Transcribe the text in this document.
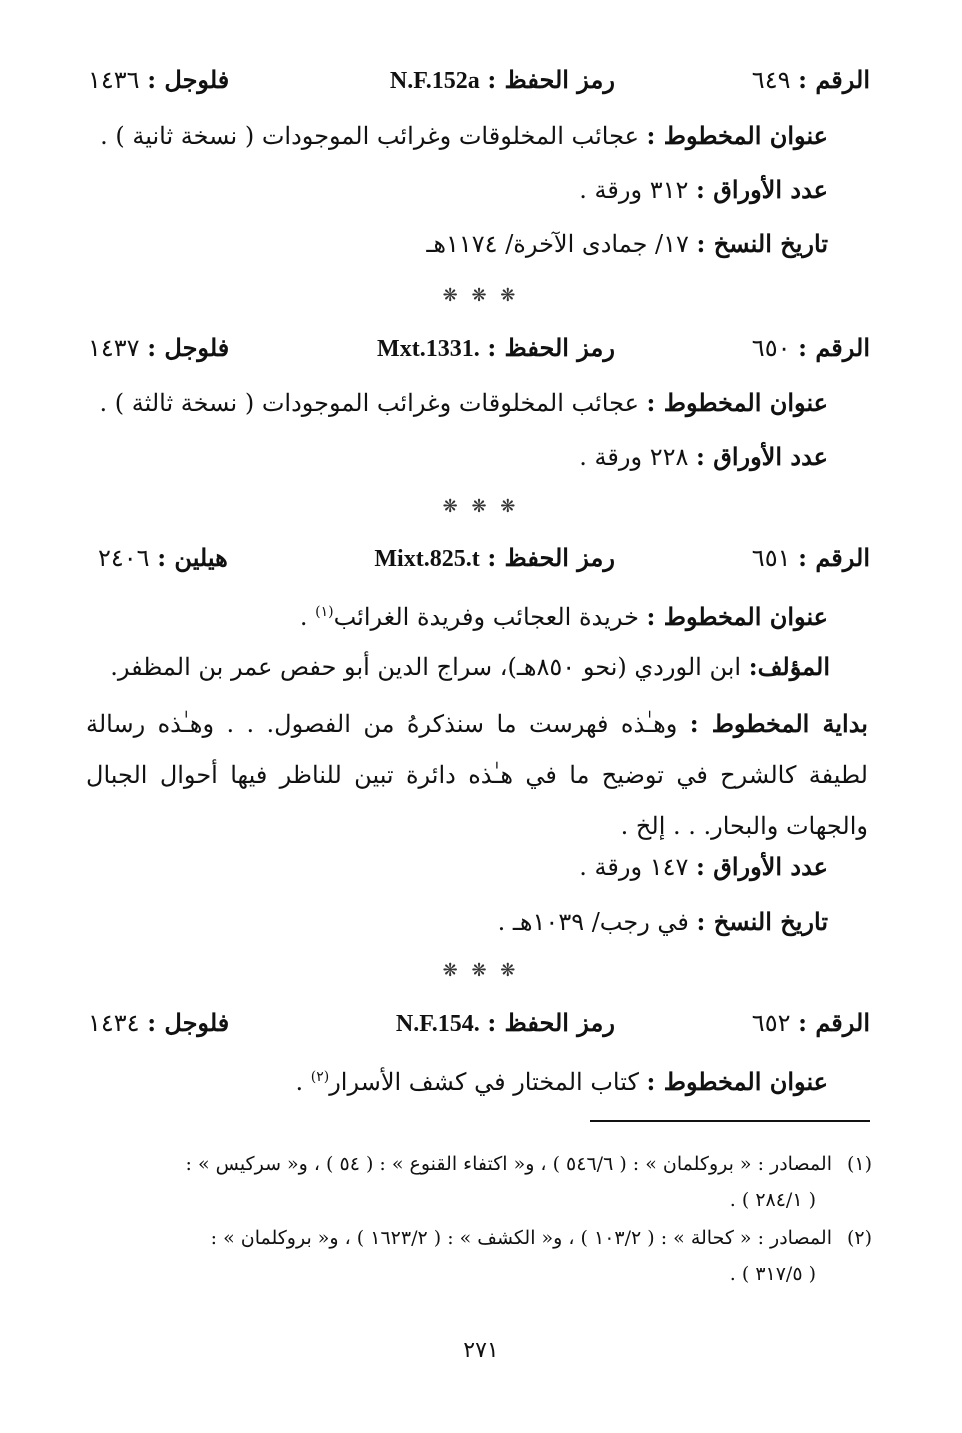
الرقم : ٦٤٩
رمز الحفظ : N.F.152a
فلوجل : ١٤٣٦
عنوان المخطوط : عجائب المخلوقات وغرائب الموجودات ( نسخة ثانية ) .
عدد الأوراق : ٣١٢ ورقة .
تاريخ النسخ : ١٧/ جمادى الآخرة/ ١١٧٤هـ
❋ ❋ ❋
الرقم : ٦٥٠
رمز الحفظ : Mxt.1331.
فلوجل : ١٤٣٧
عنوان المخطوط : عجائب المخلوقات وغرائب الموجودات ( نسخة ثالثة ) .
عدد الأوراق : ٢٢٨ ورقة .
❋ ❋ ❋
الرقم : ٦٥١
رمز الحفظ : Mixt.825.t
هيلين : ٢٤٠٦
عنوان المخطوط : خريدة العجائب وفريدة الغرائب$^{(١)}$ .
المؤلف: ابن الوردي (نحو ٨٥٠هـ)، سراج الدين أبو حفص عمر بن المظفر.
بداية المخطوط : وهـٰذه فهرست ما سنذكرهُ من الفصول. . . وهـٰذه رسالة لطيفة كالشرح في توضيح ما في هـٰذه دائرة تبين للناظر فيها أحوال الجبال والجهات والبحار. . . إلخ .
عدد الأوراق : ١٤٧ ورقة .
تاريخ النسخ : في رجب/ ١٠٣٩هـ .
❋ ❋ ❋
الرقم : ٦٥٢
رمز الحفظ : N.F.154.
فلوجل : ١٤٣٤
عنوان المخطوط : كتاب المختار في كشف الأسرار$^{(٢)}$ .
(١)المصادر : « بروكلمان » : ( ٥٤٦/٦ ) ، و« اكتفاء القنوع » : ( ٥٤ ) ، و« سركيس » :
( ٢٨٤/١ ) .
(٢)المصادر : « كحالة » : ( ١٠٣/٢ ) ، و« الكشف » : ( ١٦٢٣/٢ ) ، و« بروكلمان » :
( ٣١٧/٥ ) .
٢٧١
